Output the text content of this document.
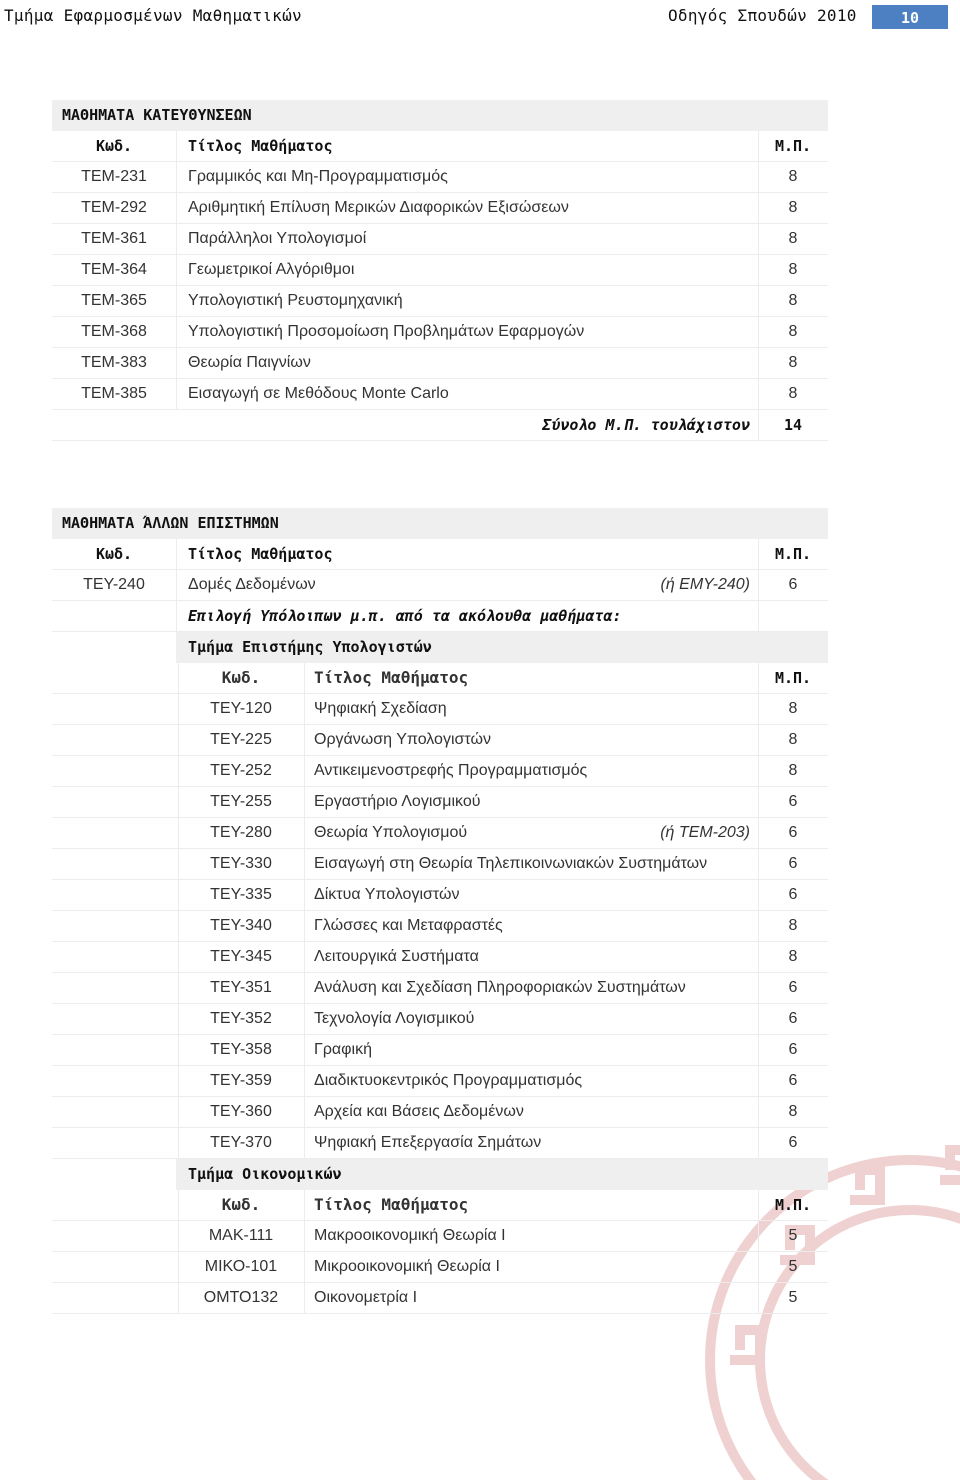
Τμήμα Εφαρμοσμένων Μαθηματικών	Οδηγός Σπουδών 2010	10
ΜΑΘΗΜΑΤΑ ΚΑΤΕΥΘΥΝΣΕΩΝ
Κωδ.	Τίτλος Μαθήματος	Μ.Π.
ΤΕΜ-231	Γραμμικός και Μη-Προγραμματισμός	8
ΤΕΜ-292	Αριθμητική Επίλυση Μερικών Διαφορικών Εξισώσεων	8
ΤΕΜ-361	Παράλληλοι Υπολογισμοί	8
ΤΕΜ-364	Γεωμετρικοί Αλγόριθμοι	8
ΤΕΜ-365	Υπολογιστική Ρευστομηχανική	8
ΤΕΜ-368	Υπολογιστική Προσομοίωση Προβλημάτων Εφαρμογών	8
ΤΕΜ-383	Θεωρία Παιγνίων	8
ΤΕΜ-385	Εισαγωγή σε Μεθόδους Monte Carlo	8
Σύνολο Μ.Π. τουλάχιστον	14
ΜΑΘΗΜΑΤΑ ΆΛΛΩΝ ΕΠΙΣΤΗΜΩΝ
Κωδ.	Τίτλος Μαθήματος	Μ.Π.
ΤΕΥ-240	Δομές Δεδομένων	(ή ΕΜΥ-240)	6
Επιλογή Υπόλοιπων μ.π. από τα ακόλουθα μαθήματα:
Τμήμα Επιστήμης Υπολογιστών
Κωδ.	Τίτλος Μαθήματος	Μ.Π.
ΤΕΥ-120	Ψηφιακή Σχεδίαση	8
ΤΕΥ-225	Οργάνωση Υπολογιστών	8
ΤΕΥ-252	Αντικειμενοστρεφής Προγραμματισμός	8
ΤΕΥ-255	Εργαστήριο Λογισμικού	6
ΤΕΥ-280	Θεωρία Υπολογισμού	(ή ΤΕΜ-203)	6
ΤΕΥ-330	Εισαγωγή στη Θεωρία Τηλεπικοινωνιακών Συστημάτων	6
ΤΕΥ-335	Δίκτυα Υπολογιστών	6
ΤΕΥ-340	Γλώσσες και Μεταφραστές	8
ΤΕΥ-345	Λειτουργικά Συστήματα	8
ΤΕΥ-351	Ανάλυση και Σχεδίαση Πληροφοριακών Συστημάτων	6
ΤΕΥ-352	Τεχνολογία Λογισμικού	6
ΤΕΥ-358	Γραφική	6
ΤΕΥ-359	Διαδικτυοκεντρικός Προγραμματισμός	6
ΤΕΥ-360	Αρχεία και Βάσεις Δεδομένων	8
ΤΕΥ-370	Ψηφιακή Επεξεργασία Σημάτων	6
Τμήμα Οικονομικών
Κωδ.	Τίτλος Μαθήματος	Μ.Π.
ΜΑΚ-111	Μακροοικονομική Θεωρία Ι	5
ΜΙΚΟ-101	Μικροοικονομική Θεωρία Ι	5
ΟΜΤΟ132	Οικονομετρία Ι	5
